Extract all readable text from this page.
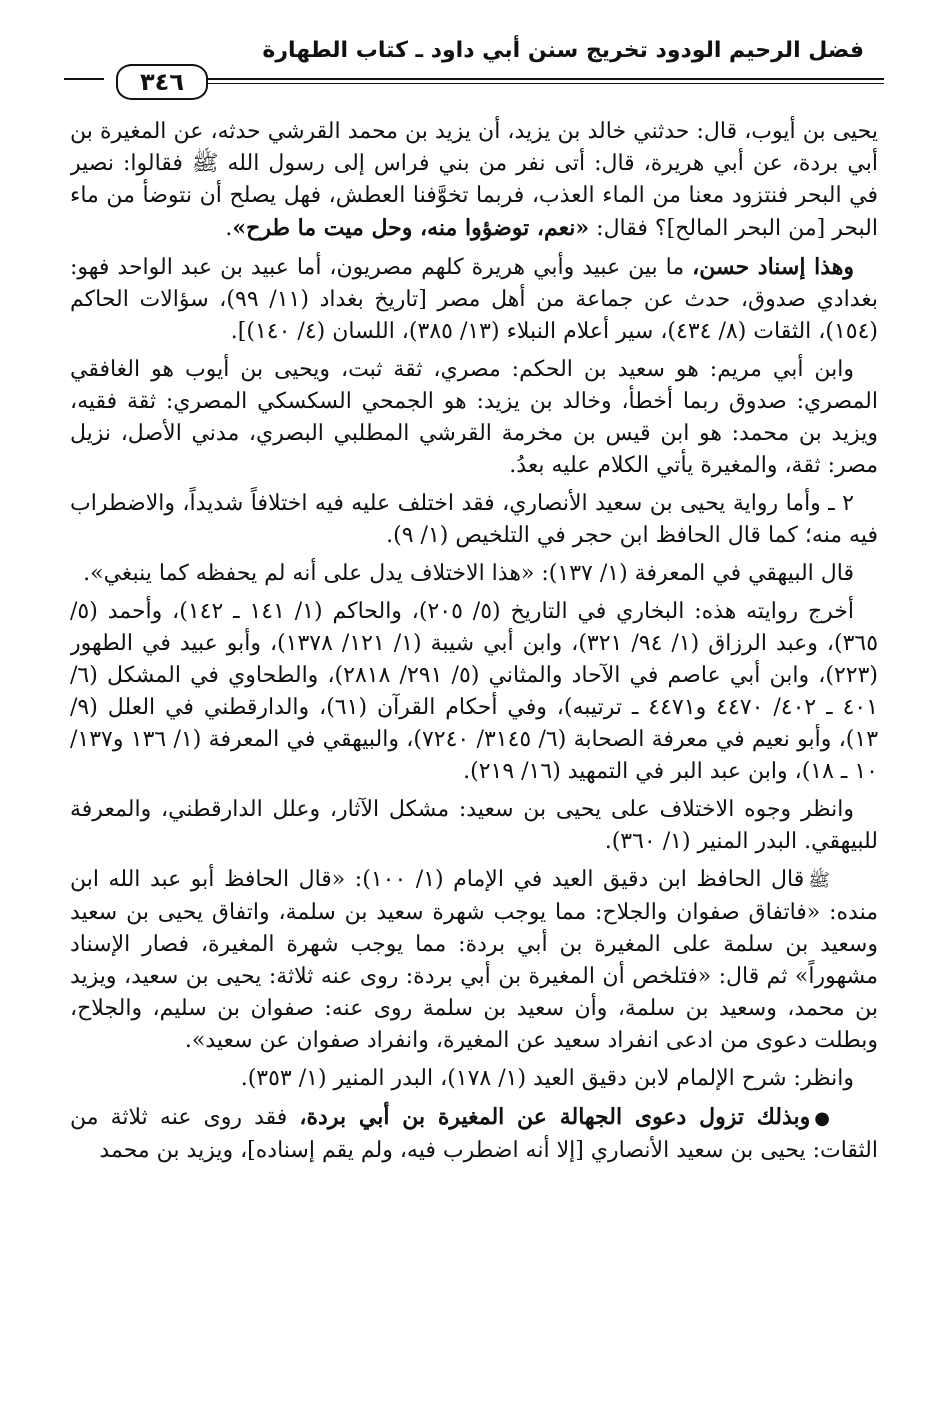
فضل الرحيم الودود تخريج سنن أبي داود ـ كتاب الطهارة
٣٤٦

يحيى بن أيوب، قال: حدثني خالد بن يزيد، أن يزيد بن محمد القرشي حدثه، عن المغيرة بن أبي بردة، عن أبي هريرة، قال: أتى نفر من بني فراس إلى رسول الله ﷺ فقالوا: نصير في البحر فنتزود معنا من الماء العذب، فربما تخوَّفنا العطش، فهل يصلح أن نتوضأ من ماء البحر [من البحر المالح]؟ فقال: «نعم، توضؤوا منه، وحل ميت ما طرح».

وهذا إسناد حسن، ما بين عبيد وأبي هريرة كلهم مصريون، أما عبيد بن عبد الواحد فهو: بغدادي صدوق، حدث عن جماعة من أهل مصر [تاريخ بغداد (١١/ ٩٩)، سؤالات الحاكم (١٥٤)، الثقات (٨/ ٤٣٤)، سير أعلام النبلاء (١٣/ ٣٨٥)، اللسان (٤/ ١٤٠)].

وابن أبي مريم: هو سعيد بن الحكم: مصري، ثقة ثبت، ويحيى بن أيوب هو الغافقي المصري: صدوق ربما أخطأ، وخالد بن يزيد: هو الجمحي السكسكي المصري: ثقة فقيه، ويزيد بن محمد: هو ابن قيس بن مخرمة القرشي المطلبي البصري، مدني الأصل، نزيل مصر: ثقة، والمغيرة يأتي الكلام عليه بعدُ.

٢ ـ وأما رواية يحيى بن سعيد الأنصاري، فقد اختلف عليه فيه اختلافاً شديداً، والاضطراب فيه منه؛ كما قال الحافظ ابن حجر في التلخيص (١/ ٩).

قال البيهقي في المعرفة (١/ ١٣٧): «هذا الاختلاف يدل على أنه لم يحفظه كما ينبغي».

أخرج روايته هذه: البخاري في التاريخ (٥/ ٢٠٥)، والحاكم (١/ ١٤١ ـ ١٤٢)، وأحمد (٥/ ٣٦٥)، وعبد الرزاق (١/ ٩٤/ ٣٢١)، وابن أبي شيبة (١/ ١٢١/ ١٣٧٨)، وأبو عبيد في الطهور (٢٢٣)، وابن أبي عاصم في الآحاد والمثاني (٥/ ٢٩١/ ٢٨١٨)، والطحاوي في المشكل (٦/ ٤٠١ ـ ٤٠٢/ ٤٤٧٠ و٤٤٧١ ـ ترتيبه)، وفي أحكام القرآن (٦١)، والدارقطني في العلل (٩/ ١٣)، وأبو نعيم في معرفة الصحابة (٦/ ٣١٤٥/ ٧٢٤٠)، والبيهقي في المعرفة (١/ ١٣٦ و١٣٧/ ١٠ ـ ١٨)، وابن عبد البر في التمهيد (١٦/ ٢١٩).

وانظر وجوه الاختلاف على يحيى بن سعيد: مشكل الآثار، وعلل الدارقطني، والمعرفة للبيهقي. البدر المنير (١/ ٣٦٠).

ﷺقال الحافظ ابن دقيق العيد في الإمام (١/ ١٠٠): «قال الحافظ أبو عبد الله ابن منده: «فاتفاق صفوان والجلاح: مما يوجب شهرة سعيد بن سلمة، واتفاق يحيى بن سعيد وسعيد بن سلمة على المغيرة بن أبي بردة: مما يوجب شهرة المغيرة، فصار الإسناد مشهوراً» ثم قال: «فتلخص أن المغيرة بن أبي بردة: روى عنه ثلاثة: يحيى بن سعيد، ويزيد بن محمد، وسعيد بن سلمة، وأن سعيد بن سلمة روى عنه: صفوان بن سليم، والجلاح، وبطلت دعوى من ادعى انفراد سعيد عن المغيرة، وانفراد صفوان عن سعيد».

وانظر: شرح الإلمام لابن دقيق العيد (١/ ١٧٨)، البدر المنير (١/ ٣٥٣).

●وبذلك تزول دعوى الجهالة عن المغيرة بن أبي بردة، فقد روى عنه ثلاثة من الثقات: يحيى بن سعيد الأنصاري [إلا أنه اضطرب فيه، ولم يقم إسناده]، ويزيد بن محمد
